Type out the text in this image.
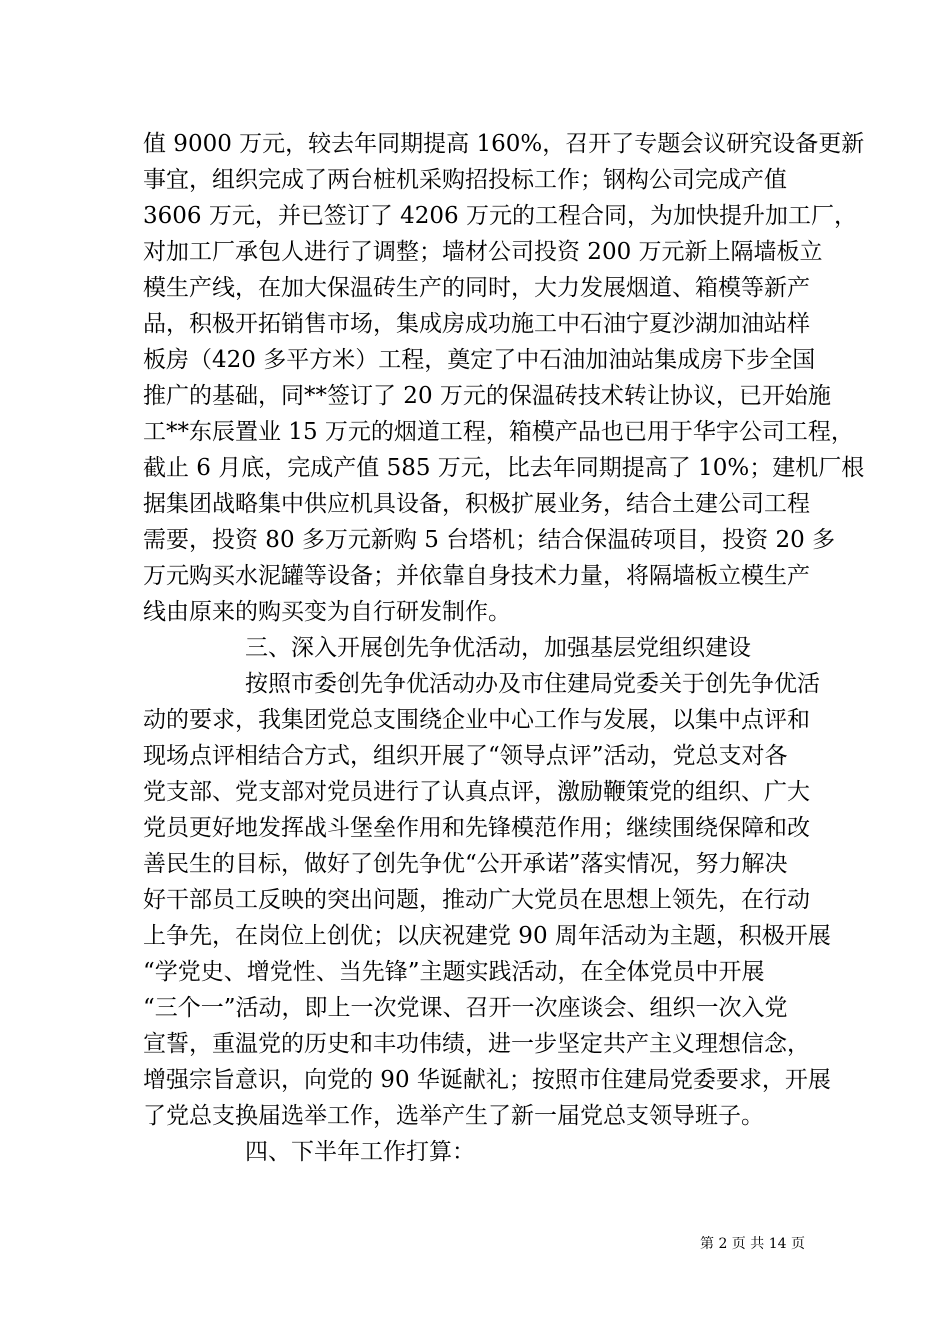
值 9000 万元，较去年同期提高 160%，召开了专题会议研究设备更新
事宜，组织完成了两台桩机采购招投标工作；钢构公司完成产值
3606 万元，并已签订了 4206 万元的工程合同，为加快提升加工厂，
对加工厂承包人进行了调整；墙材公司投资 200 万元新上隔墙板立
模生产线，在加大保温砖生产的同时，大力发展烟道、箱模等新产
品，积极开拓销售市场，集成房成功施工中石油宁夏沙湖加油站样
板房（420 多平方米）工程，奠定了中石油加油站集成房下步全国
推广的基础，同**签订了 20 万元的保温砖技术转让协议，已开始施
工**东辰置业 15 万元的烟道工程，箱模产品也已用于华宇公司工程，
截止 6 月底，完成产值 585 万元，比去年同期提高了 10%；建机厂根
据集团战略集中供应机具设备，积极扩展业务，结合土建公司工程
需要，投资 80 多万元新购 5 台塔机；结合保温砖项目，投资 20 多
万元购买水泥罐等设备；并依靠自身技术力量，将隔墙板立模生产
线由原来的购买变为自行研发制作。
三、深入开展创先争优活动，加强基层党组织建设
按照市委创先争优活动办及市住建局党委关于创先争优活
动的要求，我集团党总支围绕企业中心工作与发展，以集中点评和
现场点评相结合方式，组织开展了“领导点评”活动，党总支对各
党支部、党支部对党员进行了认真点评，激励鞭策党的组织、广大
党员更好地发挥战斗堡垒作用和先锋模范作用；继续围绕保障和改
善民生的目标，做好了创先争优“公开承诺”落实情况，努力解决
好干部员工反映的突出问题，推动广大党员在思想上领先，在行动
上争先，在岗位上创优；以庆祝建党 90 周年活动为主题，积极开展
“学党史、增党性、当先锋”主题实践活动，在全体党员中开展
“三个一”活动，即上一次党课、召开一次座谈会、组织一次入党
宣誓，重温党的历史和丰功伟绩，进一步坚定共产主义理想信念，
增强宗旨意识，向党的 90 华诞献礼；按照市住建局党委要求，开展
了党总支换届选举工作，选举产生了新一届党总支领导班子。
四、下半年工作打算：
第 2 页 共 14 页
